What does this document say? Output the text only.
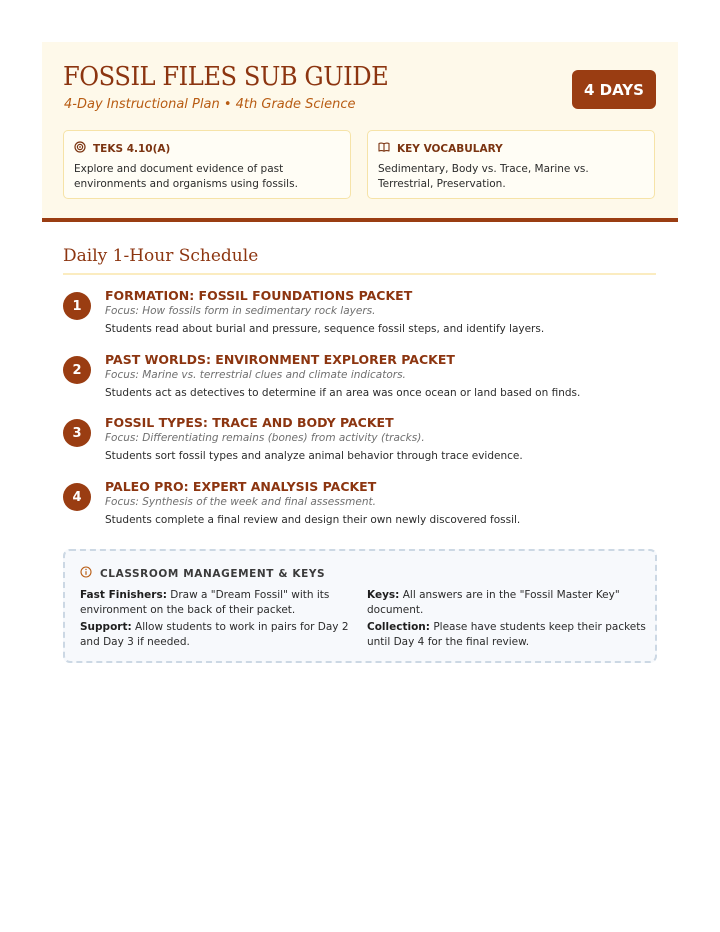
FOSSIL FILES SUB GUIDE
4-Day Instructional Plan • 4th Grade Science
4 DAYS
TEKS 4.10(A)
Explore and document evidence of past environments and organisms using fossils.
KEY VOCABULARY
Sedimentary, Body vs. Trace, Marine vs. Terrestrial, Preservation.
Daily 1-Hour Schedule
1
FORMATION: FOSSIL FOUNDATIONS PACKET
Focus: How fossils form in sedimentary rock layers.
Students read about burial and pressure, sequence fossil steps, and identify layers.
2
PAST WORLDS: ENVIRONMENT EXPLORER PACKET
Focus: Marine vs. terrestrial clues and climate indicators.
Students act as detectives to determine if an area was once ocean or land based on finds.
3
FOSSIL TYPES: TRACE AND BODY PACKET
Focus: Differentiating remains (bones) from activity (tracks).
Students sort fossil types and analyze animal behavior through trace evidence.
4
PALEO PRO: EXPERT ANALYSIS PACKET
Focus: Synthesis of the week and final assessment.
Students complete a final review and design their own newly discovered fossil.
CLASSROOM MANAGEMENT & KEYS
Fast Finishers: Draw a "Dream Fossil" with its environment on the back of their packet.
Keys: All answers are in the "Fossil Master Key" document.
Support: Allow students to work in pairs for Day 2 and Day 3 if needed.
Collection: Please have students keep their packets until Day 4 for the final review.
